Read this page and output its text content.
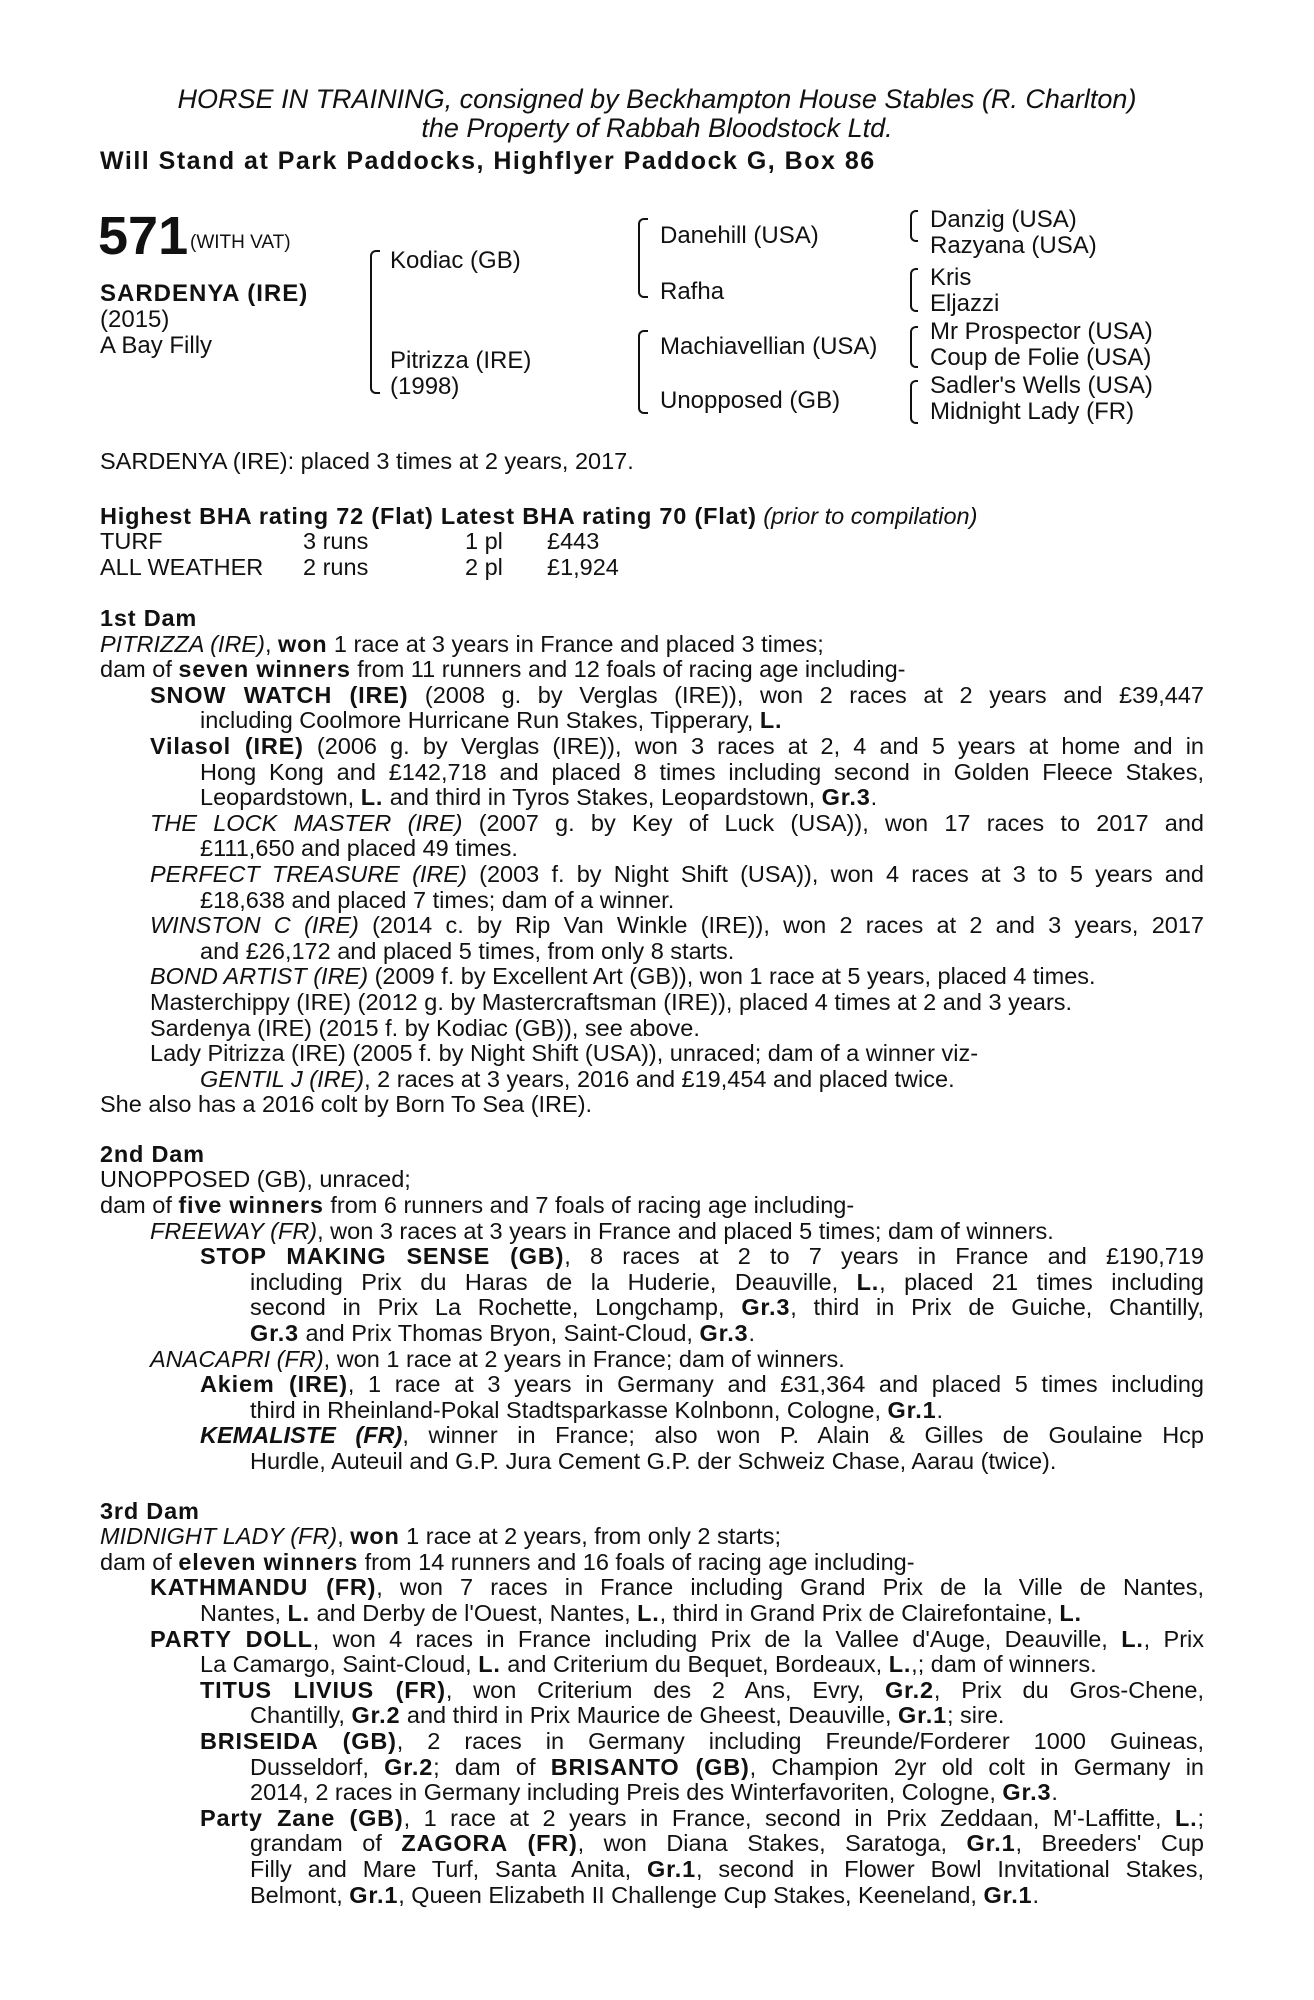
HORSE IN TRAINING, consigned by Beckhampton House Stables (R. Charlton)
the Property of Rabbah Bloodstock Ltd.
Will Stand at Park Paddocks, Highflyer Paddock G, Box 86
571 (WITH VAT)
SARDENYA (IRE)
(2015)
A Bay Filly
Kodiac (GB)
Pitrizza (IRE)
(1998)
Danehill (USA)
Rafha
Machiavellian (USA)
Unopposed (GB)
Danzig (USA)
Razyana (USA)
Kris
Eljazzi
Mr Prospector (USA)
Coup de Folie (USA)
Sadler's Wells (USA)
Midnight Lady (FR)
SARDENYA (IRE): placed 3 times at 2 years, 2017.
Highest BHA rating 72 (Flat) Latest BHA rating 70 (Flat) (prior to compilation)
TURF	3 runs	1 pl £443
ALL WEATHER 2 runs	2 pl £1,924
1st Dam
PITRIZZA (IRE), won 1 race at 3 years in France and placed 3 times;
dam of seven winners from 11 runners and 12 foals of racing age including-
SNOW WATCH (IRE) (2008 g. by Verglas (IRE)), won 2 races at 2 years and £39,447
including Coolmore Hurricane Run Stakes, Tipperary, L.
Vilasol (IRE) (2006 g. by Verglas (IRE)), won 3 races at 2, 4 and 5 years at home and in
Hong Kong and £142,718 and placed 8 times including second in Golden Fleece Stakes,
Leopardstown, L. and third in Tyros Stakes, Leopardstown, Gr.3.
THE LOCK MASTER (IRE) (2007 g. by Key of Luck (USA)), won 17 races to 2017 and
£111,650 and placed 49 times.
PERFECT TREASURE (IRE) (2003 f. by Night Shift (USA)), won 4 races at 3 to 5 years and
£18,638 and placed 7 times; dam of a winner.
WINSTON C (IRE) (2014 c. by Rip Van Winkle (IRE)), won 2 races at 2 and 3 years, 2017
and £26,172 and placed 5 times, from only 8 starts.
BOND ARTIST (IRE) (2009 f. by Excellent Art (GB)), won 1 race at 5 years, placed 4 times.
Masterchippy (IRE) (2012 g. by Mastercraftsman (IRE)), placed 4 times at 2 and 3 years.
Sardenya (IRE) (2015 f. by Kodiac (GB)), see above.
Lady Pitrizza (IRE) (2005 f. by Night Shift (USA)), unraced; dam of a winner viz-
GENTIL J (IRE), 2 races at 3 years, 2016 and £19,454 and placed twice.
She also has a 2016 colt by Born To Sea (IRE).
2nd Dam
UNOPPOSED (GB), unraced;
dam of five winners from 6 runners and 7 foals of racing age including-
FREEWAY (FR), won 3 races at 3 years in France and placed 5 times; dam of winners.
STOP MAKING SENSE (GB), 8 races at 2 to 7 years in France and £190,719
including Prix du Haras de la Huderie, Deauville, L., placed 21 times including
second in Prix La Rochette, Longchamp, Gr.3, third in Prix de Guiche, Chantilly,
Gr.3 and Prix Thomas Bryon, Saint-Cloud, Gr.3.
ANACAPRI (FR), won 1 race at 2 years in France; dam of winners.
Akiem (IRE), 1 race at 3 years in Germany and £31,364 and placed 5 times including
third in Rheinland-Pokal Stadtsparkasse Kolnbonn, Cologne, Gr.1.
KEMALISTE (FR), winner in France; also won P. Alain & Gilles de Goulaine Hcp
Hurdle, Auteuil and G.P. Jura Cement G.P. der Schweiz Chase, Aarau (twice).
3rd Dam
MIDNIGHT LADY (FR), won 1 race at 2 years, from only 2 starts;
dam of eleven winners from 14 runners and 16 foals of racing age including-
KATHMANDU (FR), won 7 races in France including Grand Prix de la Ville de Nantes,
Nantes, L. and Derby de l'Ouest, Nantes, L., third in Grand Prix de Clairefontaine, L.
PARTY DOLL, won 4 races in France including Prix de la Vallee d'Auge, Deauville, L., Prix
La Camargo, Saint-Cloud, L. and Criterium du Bequet, Bordeaux, L.,; dam of winners.
TITUS LIVIUS (FR), won Criterium des 2 Ans, Evry, Gr.2, Prix du Gros-Chene,
Chantilly, Gr.2 and third in Prix Maurice de Gheest, Deauville, Gr.1; sire.
BRISEIDA (GB), 2 races in Germany including Freunde/Forderer 1000 Guineas,
Dusseldorf, Gr.2; dam of BRISANTO (GB), Champion 2yr old colt in Germany in
2014, 2 races in Germany including Preis des Winterfavoriten, Cologne, Gr.3.
Party Zane (GB), 1 race at 2 years in France, second in Prix Zeddaan, M'-Laffitte, L.;
grandam of ZAGORA (FR), won Diana Stakes, Saratoga, Gr.1, Breeders' Cup
Filly and Mare Turf, Santa Anita, Gr.1, second in Flower Bowl Invitational Stakes,
Belmont, Gr.1, Queen Elizabeth II Challenge Cup Stakes, Keeneland, Gr.1.
